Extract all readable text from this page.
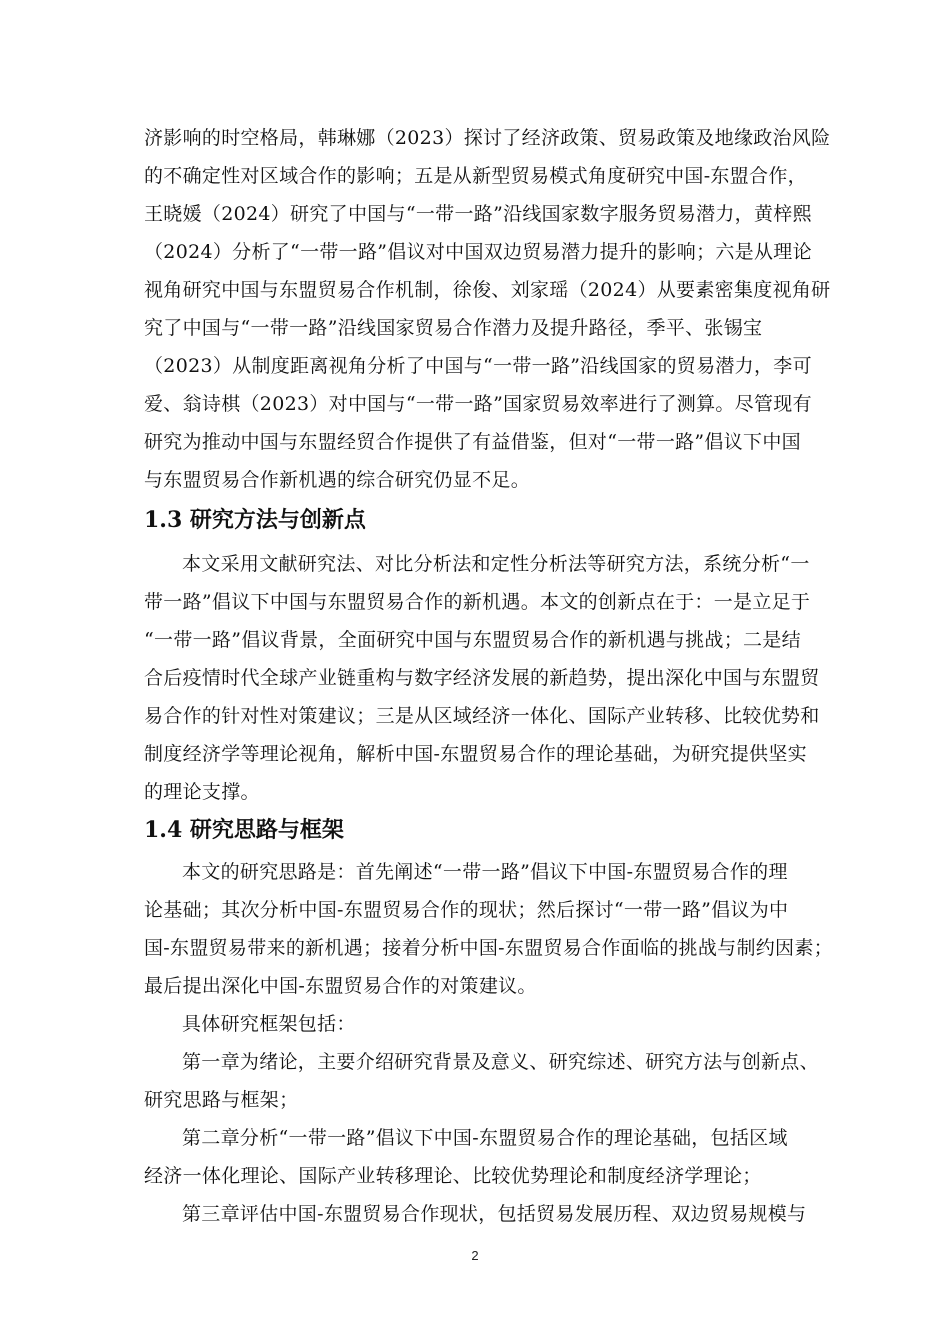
济影响的时空格局，韩琳娜（2023）探讨了经济政策、贸易政策及地缘政治风险
的不确定性对区域合作的影响；五是从新型贸易模式角度研究中国-东盟合作，
王晓媛（2024）研究了中国与“一带一路”沿线国家数字服务贸易潜力，黄梓熙
（2024）分析了“一带一路”倡议对中国双边贸易潜力提升的影响；六是从理论
视角研究中国与东盟贸易合作机制，徐俊、刘家瑶（2024）从要素密集度视角研
究了中国与“一带一路”沿线国家贸易合作潜力及提升路径，季平、张锡宝
（2023）从制度距离视角分析了中国与“一带一路”沿线国家的贸易潜力，李可
爱、翁诗棋（2023）对中国与“一带一路”国家贸易效率进行了测算。尽管现有
研究为推动中国与东盟经贸合作提供了有益借鉴，但对“一带一路”倡议下中国
与东盟贸易合作新机遇的综合研究仍显不足。
1.3 研究方法与创新点
本文采用文献研究法、对比分析法和定性分析法等研究方法，系统分析“一
带一路”倡议下中国与东盟贸易合作的新机遇。本文的创新点在于：一是立足于
“一带一路”倡议背景，全面研究中国与东盟贸易合作的新机遇与挑战；二是结
合后疫情时代全球产业链重构与数字经济发展的新趋势，提出深化中国与东盟贸
易合作的针对性对策建议；三是从区域经济一体化、国际产业转移、比较优势和
制度经济学等理论视角，解析中国-东盟贸易合作的理论基础，为研究提供坚实
的理论支撑。
1.4 研究思路与框架
本文的研究思路是：首先阐述“一带一路”倡议下中国-东盟贸易合作的理
论基础；其次分析中国-东盟贸易合作的现状；然后探讨“一带一路”倡议为中
国-东盟贸易带来的新机遇；接着分析中国-东盟贸易合作面临的挑战与制约因素；
最后提出深化中国-东盟贸易合作的对策建议。
具体研究框架包括：
第一章为绪论，主要介绍研究背景及意义、研究综述、研究方法与创新点、
研究思路与框架；
第二章分析“一带一路”倡议下中国-东盟贸易合作的理论基础，包括区域
经济一体化理论、国际产业转移理论、比较优势理论和制度经济学理论；
第三章评估中国-东盟贸易合作现状，包括贸易发展历程、双边贸易规模与
2
